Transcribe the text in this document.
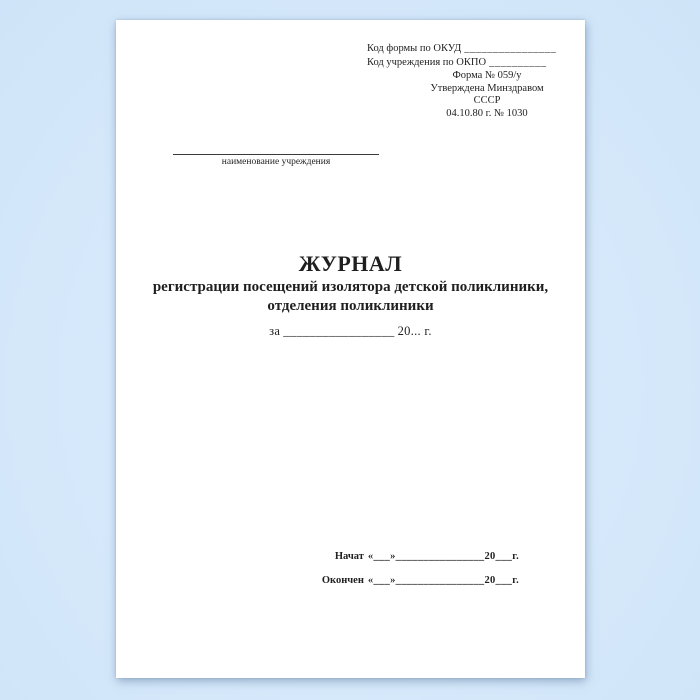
Код формы по ОКУД ________________
Код учреждения по ОКПО __________
Форма № 059/у
Утверждена Минздравом СССР
04.10.80 г. № 1030
наименование учреждения
ЖУРНАЛ
регистрации посещений изолятора детской поликлиники,
отделения поликлиники
за _________________ 20... г.
Начат «___»________________20___г.
Окончен «___»________________20___г.
